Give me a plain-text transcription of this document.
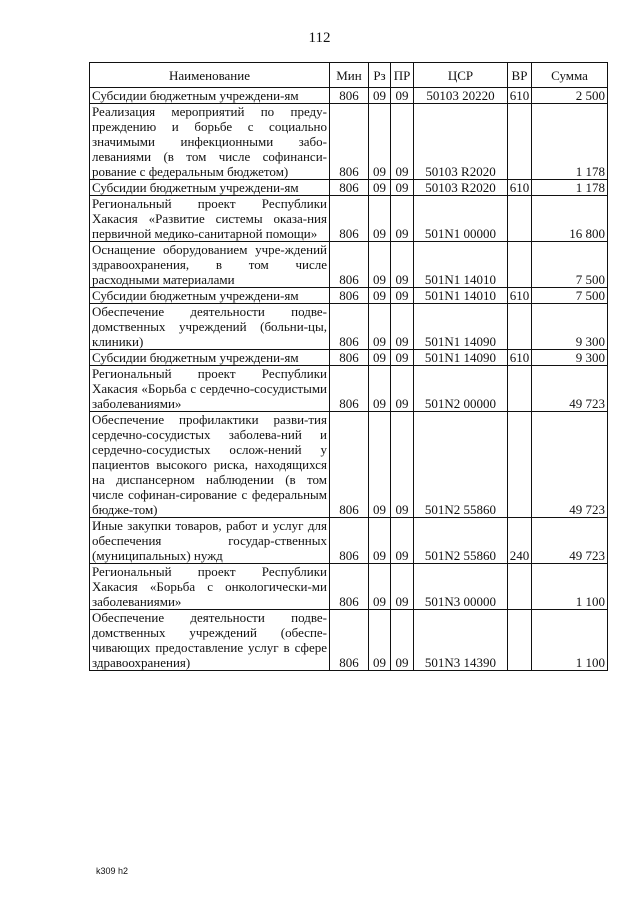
112
Наименование	Мин	Рз	ПР	ЦСР	ВР	Сумма
Субсидии бюджетным учреждени-ям	806	09	09	50103 20220	610	2 500
Реализация мероприятий по преду-преждению и борьбе с социально значимыми инфекционными забо-леваниями (в том числе софинанси-рование с федеральным бюджетом)	806	09	09	50103 R2020		1 178
Субсидии бюджетным учреждени-ям	806	09	09	50103 R2020	610	1 178
Региональный проект Республики Хакасия «Развитие системы оказа-ния первичной медико-санитарной помощи»	806	09	09	501N1 00000		16 800
Оснащение оборудованием учре-ждений здравоохранения, в том числе расходными материалами	806	09	09	501N1 14010		7 500
Субсидии бюджетным учреждени-ям	806	09	09	501N1 14010	610	7 500
Обеспечение деятельности подве-домственных учреждений (больни-цы, клиники)	806	09	09	501N1 14090		9 300
Субсидии бюджетным учреждени-ям	806	09	09	501N1 14090	610	9 300
Региональный проект Республики Хакасия «Борьба с сердечно-сосудистыми заболеваниями»	806	09	09	501N2 00000		49 723
Обеспечение профилактики разви-тия сердечно-сосудистых заболева-ний и сердечно-сосудистых ослож-нений у пациентов высокого риска, находящихся на диспансерном наблюдении (в том числе софинан-сирование с федеральным бюдже-том)	806	09	09	501N2 55860		49 723
Иные закупки товаров, работ и услуг для обеспечения государ-ственных (муниципальных) нужд	806	09	09	501N2 55860	240	49 723
Региональный проект Республики Хакасия «Борьба с онкологически-ми заболеваниями»	806	09	09	501N3 00000		1 100
Обеспечение деятельности подве-домственных учреждений (обеспе-чивающих предоставление услуг в сфере здравоохранения)	806	09	09	501N3 14390		1 100
k309 h2
